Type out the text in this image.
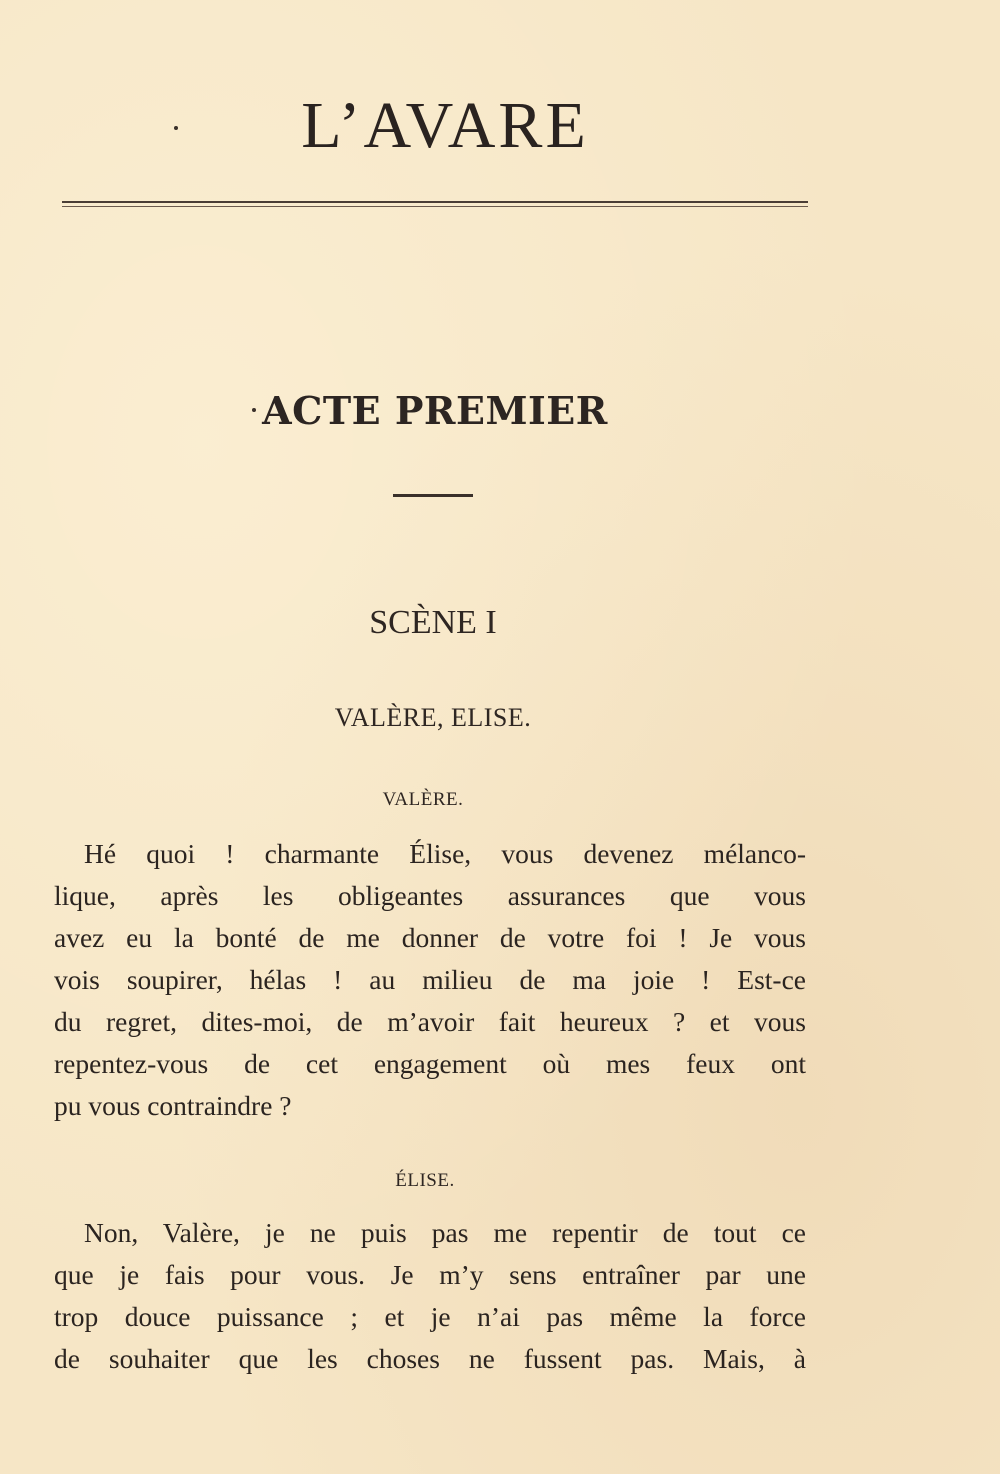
L’AVARE
ACTE PREMIER
SCÈNE I
VALÈRE, ELISE.
VALÈRE.
Hé quoi ! charmante Élise, vous devenez mélanco-
lique, après les obligeantes assurances que vous
avez eu la bonté de me donner de votre foi ! Je vous
vois soupirer, hélas ! au milieu de ma joie ! Est-ce
du regret, dites-moi, de m’avoir fait heureux ? et vous
repentez-vous de cet engagement où mes feux ont
pu vous contraindre ?
ÉLISE.
Non, Valère, je ne puis pas me repentir de tout ce
que je fais pour vous. Je m’y sens entraîner par une
trop douce puissance ; et je n’ai pas même la force
de souhaiter que les choses ne fussent pas. Mais, à
